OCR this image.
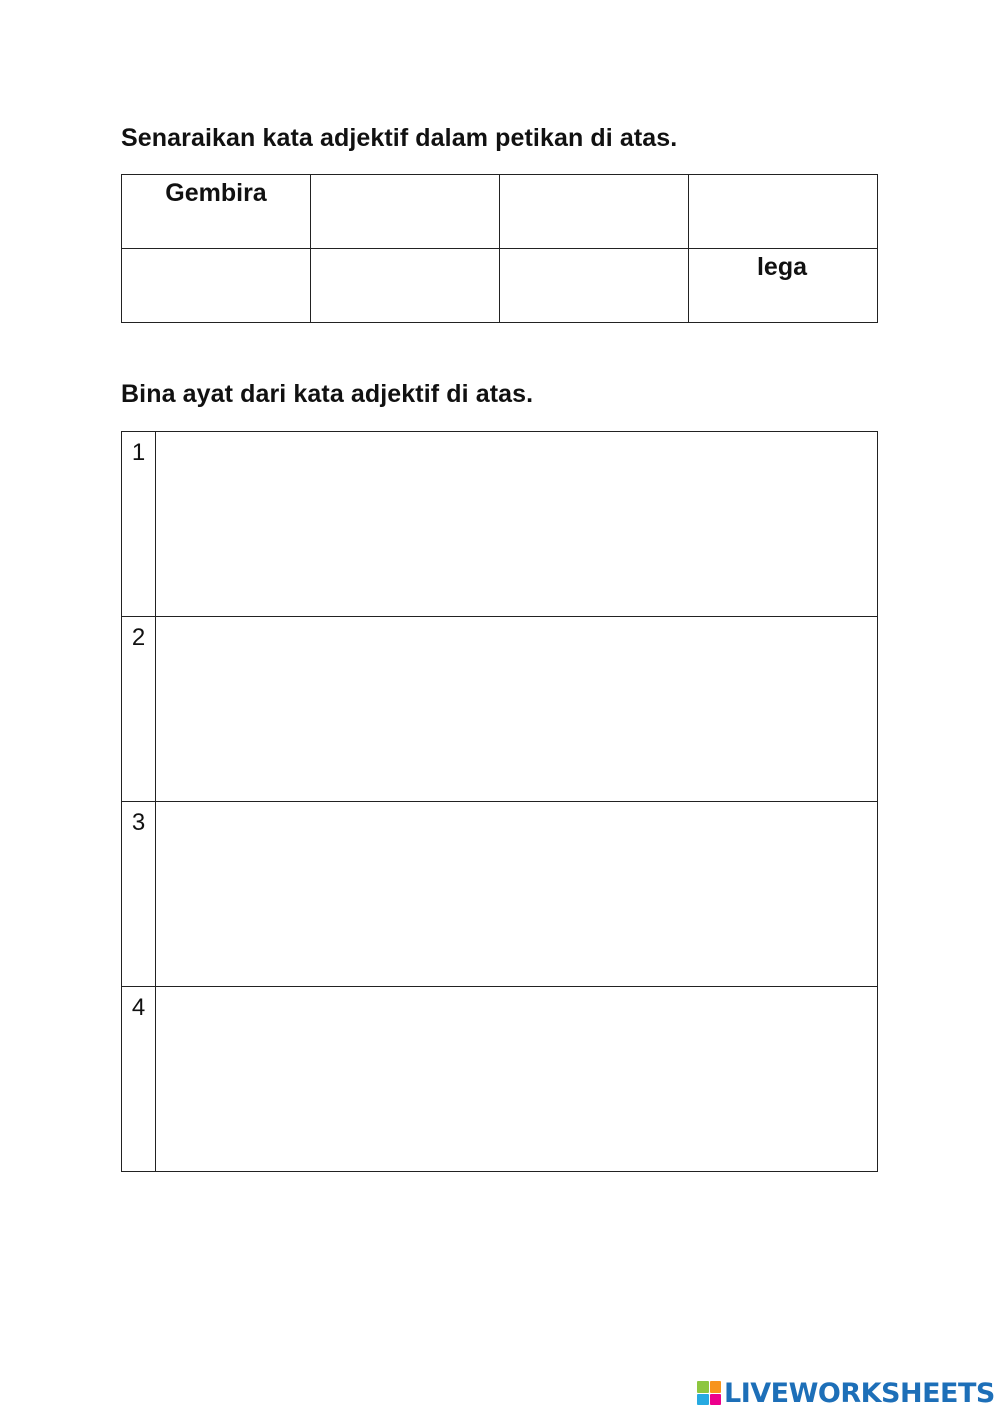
Senaraikan kata adjektif dalam petikan di atas.
Gembira			

			lega
Bina ayat dari kata adjektif di atas.
1	

2	

3	

4	
LIVEWORKSHEETS
